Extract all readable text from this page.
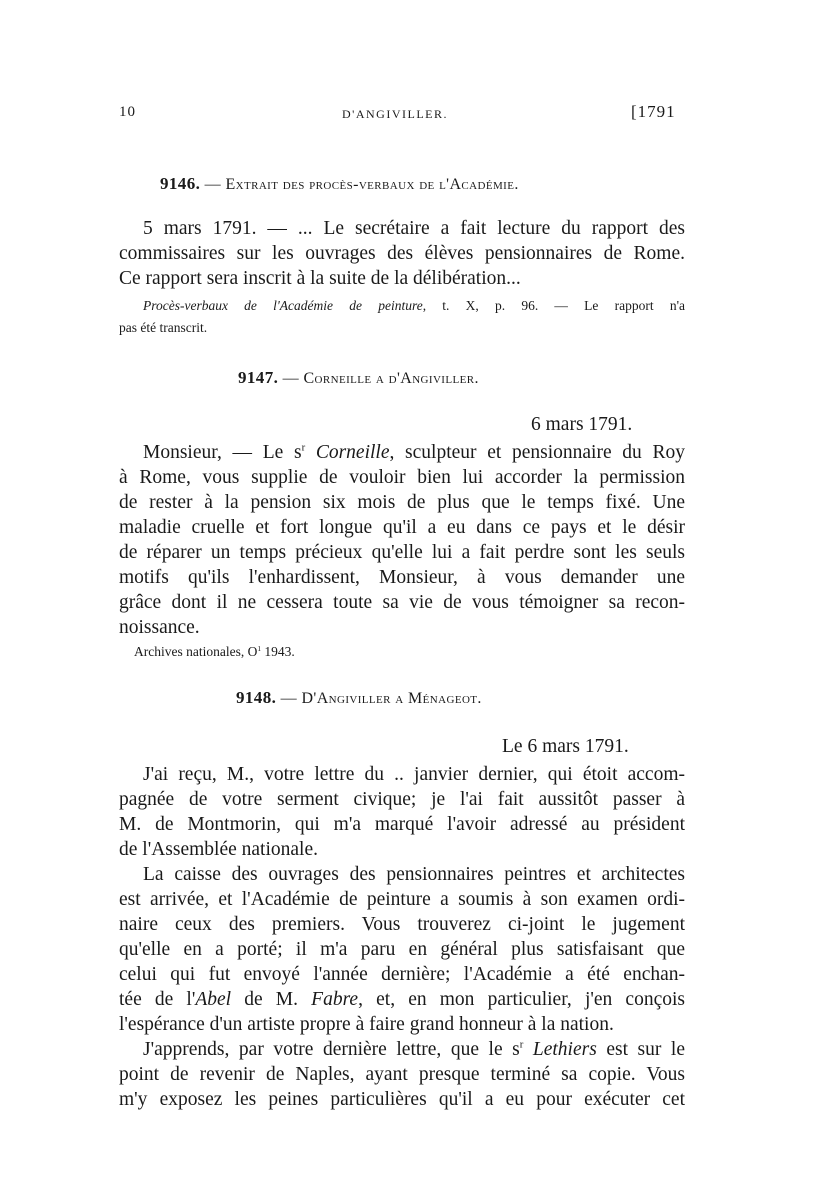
10	D'ANGIVILLER.	[1791
9146. — Extrait des procès-verbaux de l'Académie.
5 mars 1791. — ... Le secrétaire a fait lecture du rapport des
commissaires sur les ouvrages des élèves pensionnaires de Rome.
Ce rapport sera inscrit à la suite de la délibération...
Procès-verbaux de l'Académie de peinture, t. X, p. 96. — Le rapport n'a
pas été transcrit.
9147. — Corneille a d'Angiviller.
6 mars 1791.
Monsieur, — Le $s^r$ Corneille, sculpteur et pensionnaire du Roy
à Rome, vous supplie de vouloir bien lui accorder la permission
de rester à la pension six mois de plus que le temps fixé. Une
maladie cruelle et fort longue qu'il a eu dans ce pays et le désir
de réparer un temps précieux qu'elle lui a fait perdre sont les seuls
motifs qu'ils l'enhardissent, Monsieur, à vous demander une
grâce dont il ne cessera toute sa vie de vous témoigner sa recon-
noissance.
Archives nationales, $O^1$ 1943.
9148. — D'Angiviller a Ménageot.
Le 6 mars 1791.
J'ai reçu, M., votre lettre du .. janvier dernier, qui étoit accom-
pagnée de votre serment civique; je l'ai fait aussitôt passer à
M. de Montmorin, qui m'a marqué l'avoir adressé au président
de l'Assemblée nationale.
La caisse des ouvrages des pensionnaires peintres et architectes
est arrivée, et l'Académie de peinture a soumis à son examen ordi-
naire ceux des premiers. Vous trouverez ci-joint le jugement
qu'elle en a porté; il m'a paru en général plus satisfaisant que
celui qui fut envoyé l'année dernière; l'Académie a été enchan-
tée de l'Abel de M. Fabre, et, en mon particulier, j'en conçois
l'espérance d'un artiste propre à faire grand honneur à la nation.
J'apprends, par votre dernière lettre, que le $s^r$ Lethiers est sur le
point de revenir de Naples, ayant presque terminé sa copie. Vous
m'y exposez les peines particulières qu'il a eu pour exécuter cet
